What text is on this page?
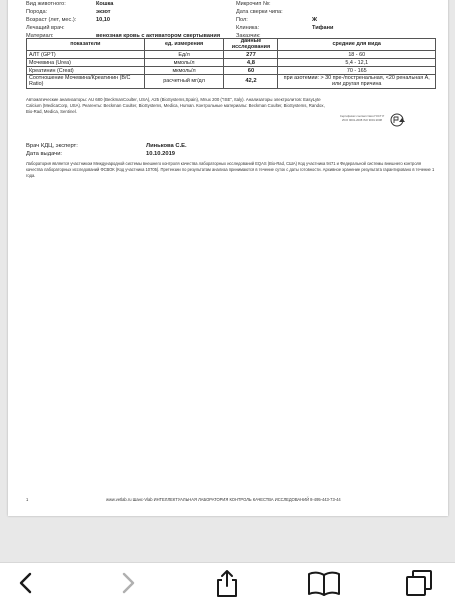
Вид животного:	Кошка	Микрочип №:
Порода:	экзот	Дата сверки чипа:
Возраст (лет, мес.):	10,10	Пол:	Ж
Лечащий врач:	Клиника:	Тифани
Материал:	венозная кровь с активатором свертывания	Заказчик:
показатели	ед. измерения	данные исследования	средние для вида
АЛТ (GPT)	Ед/л	277	18 - 60
Мочевина (Urea)	ммоль/л	4,8	5,4 - 12,1
Креатинин (Creat)	мкмоль/л	60	70 - 165
Соотношение Мочевина/Креатинин (B/C Ratio)	расчетный мг/дл	42,2	при азотемии: > 30 пре-/постренальная, <20 ренальная А, или другая причина
Автоматические анализаторы: AU 680 (BeckmanCoulter, USA), A25 (BioSystems,Spain), Mnux 200 ("ISE", Italy). Анализаторы электролитов: EasyLyte Calcium (MedicaCorp, USA). Реагенты: Beckman Coulter, BioSystems, Medica, Human. Контрольные материалы: Beckman Coulter, BioSystems, Randox, Bio-Rad, Medica, Sentinel.
Сертификат соответствия ГОСТ Р ИСО 9001-2008 ISO 9001:2008
Врач КДЦ, эксперт:	Линькова С.Е.
Дата выдачи:	10.10.2019
Лаборатория является участником Международной системы внешнего контроля качества лабораторных исследований EQAS (Bio-Rad, США) Код участника 9471 и Федеральной системы внешнего контроля качества лабораторных исследований ФСВОК (Код участника 10705). Претензии по результатам анализа принимаются в течение суток с даты готовности. Архивное хранение результата гарантировано в течение 1 года.
1	www.vetlab.ru Шанс-Vlab ИНТЕЛЛЕКТУАЛЬНАЯ ЛАБОРАТОРИЯ КОНТРОЛЬ КАЧЕСТВА ИССЛЕДОВАНИЙ 8-495-443-73-44
